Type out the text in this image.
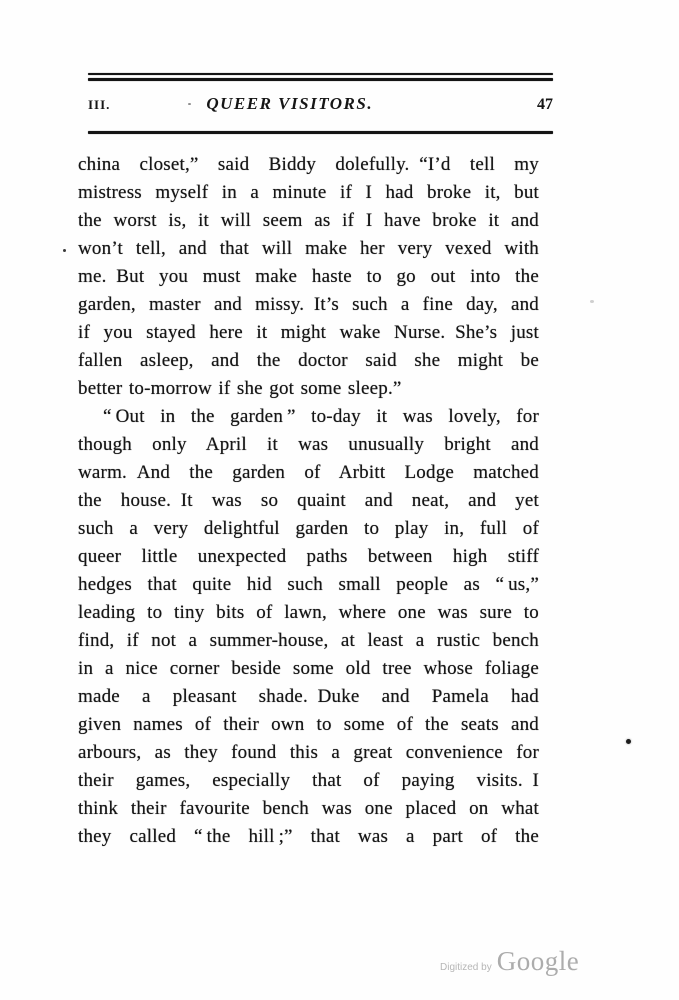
III.	QUEER VISITORS.	47
china closet,” said Biddy dolefully. “I’d tell my
mistress myself in a minute if I had broke it, but
the worst is, it will seem as if I have broke it and
won’t tell, and that will make her very vexed with
me. But you must make haste to go out into the
garden, master and missy. It’s such a fine day, and
if you stayed here it might wake Nurse. She’s just
fallen asleep, and the doctor said she might be
better to-morrow if she got some sleep.”
“ Out in the garden ” to-day it was lovely, for
though only April it was unusually bright and
warm. And the garden of Arbitt Lodge matched
the house. It was so quaint and neat, and yet
such a very delightful garden to play in, full of
queer little unexpected paths between high stiff
hedges that quite hid such small people as “ us,”
leading to tiny bits of lawn, where one was sure to
find, if not a summer-house, at least a rustic bench
in a nice corner beside some old tree whose foliage
made a pleasant shade. Duke and Pamela had
given names of their own to some of the seats and
arbours, as they found this a great convenience for
their games, especially that of paying visits. I
think their favourite bench was one placed on what
they called “ the hill ;” that was a part of the
Digitized by Google
